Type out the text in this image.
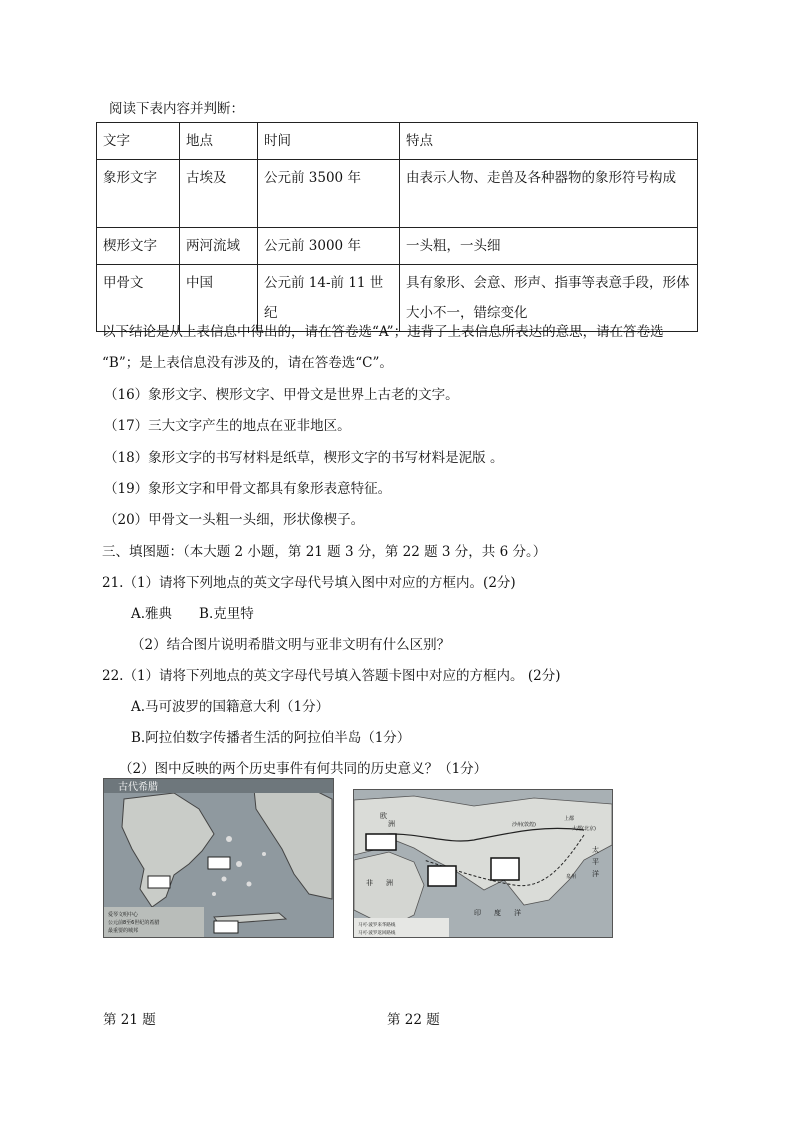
阅读下表内容并判断：
文字	地点	时间	特点
象形文字	古埃及	公元前 3500 年	由表示人物、走兽及各种器物的象形符号构成
楔形文字	两河流域	公元前 3000 年	一头粗，一头细
甲骨文	中国	公元前 14-前 11 世纪	具有象形、会意、形声、指事等表意手段，形体大小不一，错综变化
以下结论是从上表信息中得出的，请在答卷选“A”；违背了上表信息所表达的意思，请在答卷选
“B”；是上表信息没有涉及的，请在答卷选“C”。
（16）象形文字、楔形文字、甲骨文是世界上古老的文字。
（17）三大文字产生的地点在亚非地区。
（18）象形文字的书写材料是纸草，楔形文字的书写材料是泥版 。
（19）象形文字和甲骨文都具有象形表意特征。
（20）甲骨文一头粗一头细，形状像楔子。
三、填图题：（本大题 2 小题，第 21 题 3 分，第 22 题 3 分，共 6 分。）
21.（1）请将下列地点的英文字母代号填入图中对应的方框内。(2分)
A.雅典　　B.克里特
（2）结合图片说明希腊文明与亚非文明有什么区别？
22.（1）请将下列地点的英文字母代号填入答题卡图中对应的方框内。 (2分)
A.马可波罗的国籍意大利（1分）
B.阿拉伯数字传播者生活的阿拉伯半岛（1分）
（2）图中反映的两个历史事件有何共同的历史意义？（1分）
古代希腊
爱琴文明中心
公元前8至6世纪的希腊
最重要的城邦
欧
洲
非 洲
印 度 洋
太
平
洋
上都
大都(北京)
沙州(敦煌)
泉州
马可·波罗来华路线
马可·波罗返回路线
第 21 题	第 22 题
